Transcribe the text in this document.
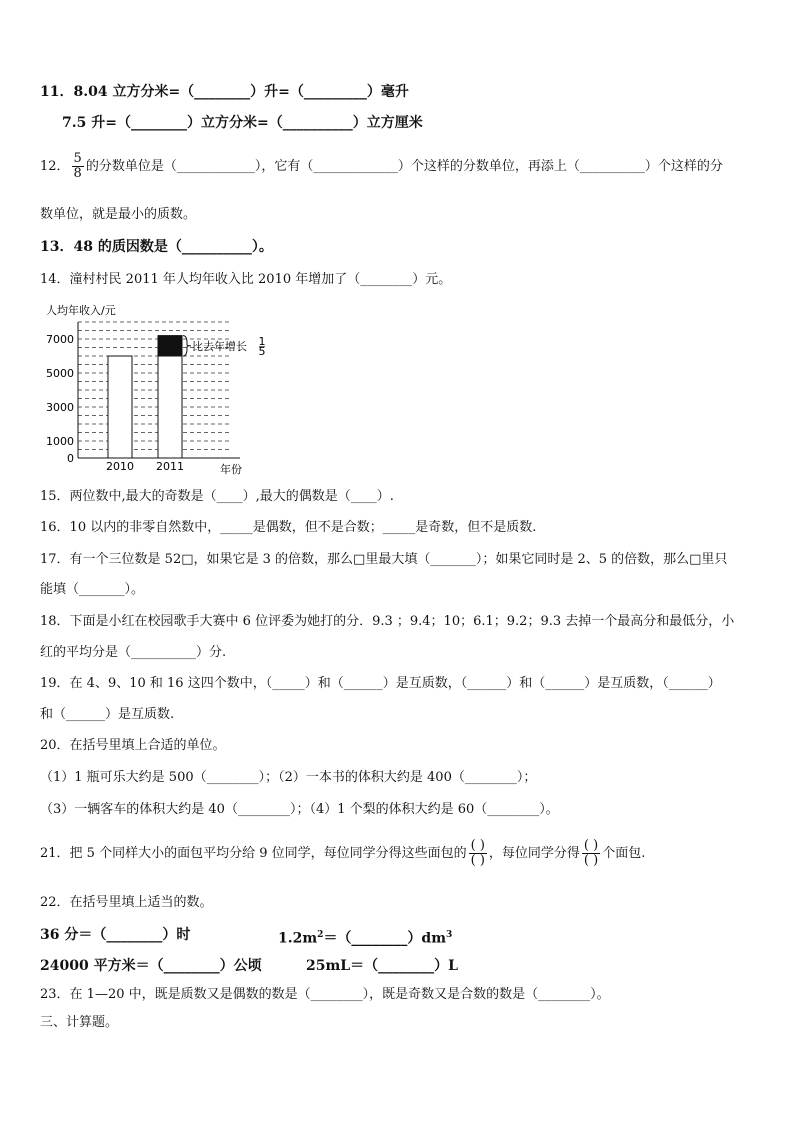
11．8.04 立方分米=（________）升=（_________）毫升
7.5 升=（________）立方分米=（__________）立方厘米
12． $\frac{5}{8}$ 的分数单位是（____________），它有（_____________）个这样的分数单位，再添上（__________）个这样的分
数单位，就是最小的质数。
13．48 的质因数是（__________）。
14．潼村村民 2011 年人均年收入比 2010 年增加了（________）元。
人均年收入/元
0
1000
3000
5000
7000
2010 2011	年份
比去年增长 1
5
15．两位数中,最大的奇数是（____）,最大的偶数是（____）.
16．10 以内的非零自然数中，_____是偶数，但不是合数；_____是奇数，但不是质数.
17．有一个三位数是 52□，如果它是 3 的倍数，那么□里最大填（_______）；如果它同时是 2、5 的倍数，那么□里只
能填（_______）。
18．下面是小红在校园歌手大赛中 6 位评委为她打的分．9.3 ；9.4；10；6.1；9.2；9.3 去掉一个最高分和最低分，小
红的平均分是（__________）分.
19．在 4、9、10 和 16 这四个数中，（_____）和（______）是互质数，（______）和（______）是互质数，（______）
和（______）是互质数.
20．在括号里填上合适的单位。
（1）1 瓶可乐大约是 500（________）；（2）一本书的体积大约是 400（________）；
（3）一辆客车的体积大约是 40（________）；（4）1 个梨的体积大约是 60（________）。
21．把 5 个同样大小的面包平均分给 9 位同学，每位同学分得这些面包的 $\frac{( )}{( )}$ ，每位同学分得 $\frac{( )}{( )}$ 个面包.
22．在括号里填上适当的数。
36 分＝（________）时	$1.2m^2=(\_\_\_\_\_\_\_\_)dm^3$
24000 平方米＝（________）公顷	25mL＝（________）L
23．在 1—20 中，既是质数又是偶数的数是（________），既是奇数又是合数的数是（________）。
三、计算题。
